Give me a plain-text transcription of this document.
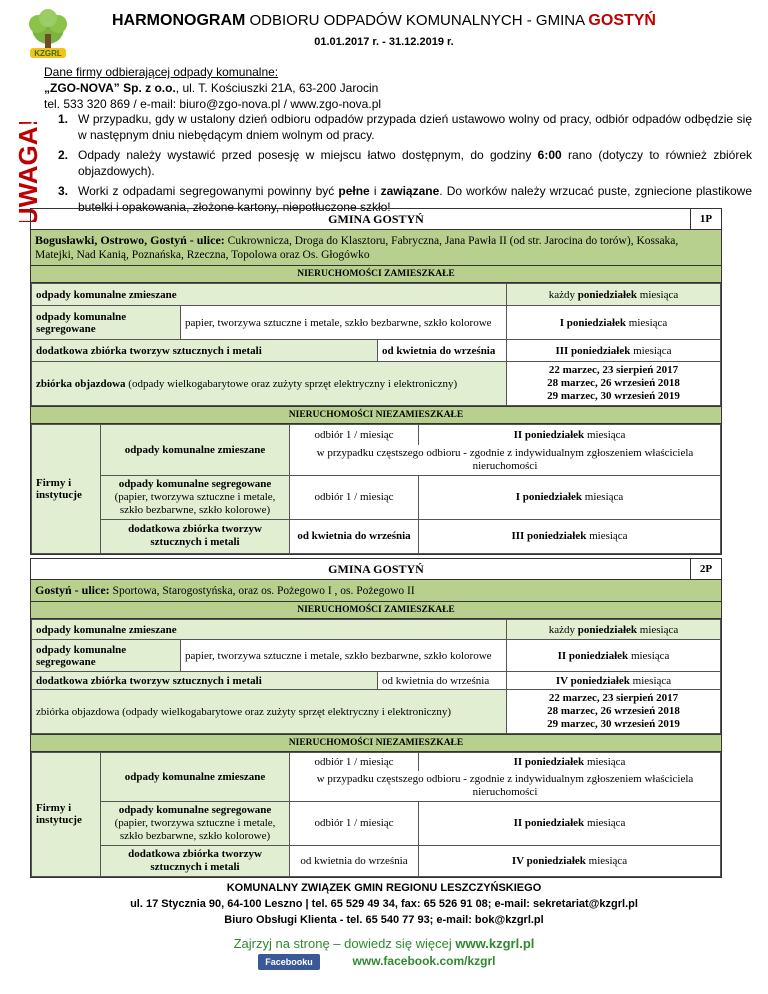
KZGRL
HARMONOGRAM ODBIORU ODPADÓW KOMUNALNYCH - GMINA GOSTYŃ
01.01.2017 r. - 31.12.2019 r.
Dane firmy odbierającej odpady komunalne:
„ZGO-NOVA” Sp. z o.o., ul. T. Kościuszki 21A, 63-200 Jarocin
tel. 533 320 869 / e-mail: biuro@zgo-nova.pl / www.zgo-nova.pl
UWAGA! 1. W przypadku, gdy w ustalony dzień odbioru odpadów przypada dzień ustawowo wolny od pracy, odbiór odpadów odbędzie się w następnym dniu niebędącym dniem wolnym od pracy.
2. Odpady należy wystawić przed posesję w miejscu łatwo dostępnym, do godziny 6:00 rano (dotyczy to również zbiórek objazdowych).
3. Worki z odpadami segregowanymi powinny być pełne i zawiązane. Do worków należy wrzucać puste, zgniecione plastikowe butelki i opakowania, złożone kartony, niepotłuczone szkło!
GMINA GOSTYŃ	1P
Bogusławki, Ostrowo, Gostyń - ulice: Cukrownicza, Droga do Klasztoru, Fabryczna, Jana Pawła II (od str. Jarocina do torów), Kossaka, Matejki, Nad Kanią, Poznańska, Rzeczna, Topolowa oraz Os. Głogówko
NIERUCHOMOŚCI ZAMIESZKAŁE
odpady komunalne zmieszane			każdy poniedziałek miesiąca
odpady komunalne segregowane	papier, tworzywa sztuczne i metale, szkło bezbarwne, szkło kolorowe		I poniedziałek miesiąca
dodatkowa zbiórka tworzyw sztucznych i metali		od kwietnia do września	III poniedziałek miesiąca
zbiórka objazdowa (odpady wielkogabarytowe oraz zużyty sprzęt elektryczny i elektroniczny)			22 marzec, 23 sierpień 2017
28 marzec, 26 wrzesień 2018
29 marzec, 30 wrzesień 2019
NIERUCHOMOŚCI NIEZAMIESZKAŁE
Firmy i instytucje	odpady komunalne zmieszane	odbiór 1 / miesiąc	II poniedziałek miesiąca
		w przypadku częstszego odbioru - zgodnie z indywidualnym zgłoszeniem właściciela nieruchomości	
	odpady komunalne segregowane
(papier, tworzywa sztuczne i metale, szkło bezbarwne, szkło kolorowe)	odbiór 1 / miesiąc	I poniedziałek miesiąca
	dodatkowa zbiórka tworzyw sztucznych i metali	od kwietnia do września	III poniedziałek miesiąca
GMINA GOSTYŃ	2P
Gostyń - ulice: Sportowa, Starogostyńska, oraz os. Pożegowo I , os. Pożegowo II
NIERUCHOMOŚCI ZAMIESZKAŁE
odpady komunalne zmieszane			każdy poniedziałek miesiąca
odpady komunalne segregowane	papier, tworzywa sztuczne i metale, szkło bezbarwne, szkło kolorowe		II poniedziałek miesiąca
dodatkowa zbiórka tworzyw sztucznych i metali		od kwietnia do września	IV poniedziałek miesiąca
zbiórka objazdowa (odpady wielkogabarytowe oraz zużyty sprzęt elektryczny i elektroniczny)			22 marzec, 23 sierpień 2017
28 marzec, 26 wrzesień 2018
29 marzec, 30 wrzesień 2019
NIERUCHOMOŚCI NIEZAMIESZKAŁE
Firmy i instytucje	odpady komunalne zmieszane	odbiór 1 / miesiąc	II poniedziałek miesiąca
		w przypadku częstszego odbioru - zgodnie z indywidualnym zgłoszeniem właściciela nieruchomości	
	odpady komunalne segregowane
(papier, tworzywa sztuczne i metale, szkło bezbarwne, szkło kolorowe)	odbiór 1 / miesiąc	II poniedziałek miesiąca
	dodatkowa zbiórka tworzyw sztucznych i metali	od kwietnia do września	IV poniedziałek miesiąca
KOMUNALNY ZWIĄZEK GMIN REGIONU LESZCZYŃSKIEGO
ul. 17 Stycznia 90, 64-100 Leszno | tel. 65 529 49 34, fax: 65 526 91 08; e-mail: sekretariat@kzgrl.pl
Biuro Obsługi Klienta - tel. 65 540 77 93; e-mail: bok@kzgrl.pl
Zajrzyj na stronę – dowiedz się więcej www.kzgrl.pl
Facebooku	www.facebook.com/kzgrl
